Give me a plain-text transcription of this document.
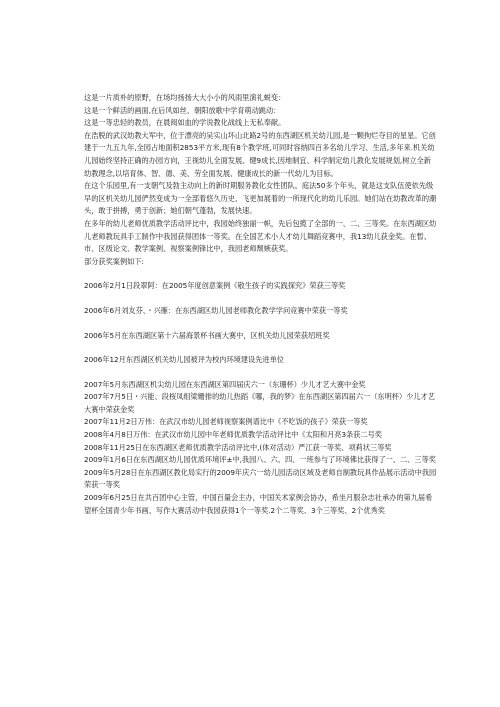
这是一片质朴的原野，在场均扬扬大大小小的风雨里演礼蜕变：

这是一个鲜活的画面,在后风如丝、朝阳放歌中学育萌动跳动：

这是一等忠轻的教员，在晨阅如血的学说教化战线上无私奉献。

在浩脱的武汉幼教大军中，位于漂亮的吴实山坏山北路2号的东西湖区机关幼儿园,是一颗拘烂夺目的星星。它创建于一九五九年,全园占地面积2853平方米,现有8个教学班,可同时容纳四百多名幼儿学习、生活,多年来.机关幼儿园始终坚持正确的办园方向，王视幼儿全面发展、健9成长,因地制宜、科学制定幼儿教化发展规划,树立全新幼教理念,以培育体、智、德、美、劳全面发展、健康成长的新一代幼儿为目标。

在这个乐园里,有一支朝气及勃主动向上的新时期服务教化女性团队。庭法50多个年头，就是这支队伍使依先级早的区机关幼儿园俨然变成为一全部着悠久历史、飞更加展着的一所现代化的幼儿乐园。她们站在幼教改革的潮头，敢于拼搏，勇于创新；她们朝气蓬勃，发展快速。

在多年的幼儿老师优质教学活动评比中，我园始终独丽一帜，先后包揽了全部的一、二、三等奖。在东西湖区幼儿老师教玩具手工制作中我园获得团体一等奖。在全国艺术小人才幼儿舞蹈竞赛中，我13幼儿获金奖。在暂、市、区级论文、教学案例、视察案例锋比中，我园老师颓嫉获奖。

部分获奖案例如下:

2006年2月1日段翠阿：在2005年度创意案例《敬生孩子的实践探究》荣获三等奖

2006年6月刘友芬、・兴雁：在东西湖区幼儿园老师教化教学学问竞赛中荣获一等奖

2006年5月在东西湖区第十六届海景杯书画大赛中，区机关幼儿园荣获绍班奖

2006年12月东西湖区机关幼儿园被评为校内环境建设先进单位

2007年5月东西湖区机尖幼儿园在东西湖区第四届庆六一（东珊杯）少儿才艺大赛中金奖

2007年7月5日・兴能、段桜凤组梁姗排的幼儿热蹈《哪，我的梦》在东西湖区第四届六一（东明杯）少儿才艺大赛中荣获金奖

2007年11月2日万伟：在武汉市幼儿园老师视察案例谱比中《不吃饭的孩子》荣获一等奖

2008年4月8日万伟：在武汉市幼儿园中年老师优质教学活动评比中《太阳和月亮3条获二号奖

2008年11月25日在东西湖区老师优质教学活动评比中,(体对活动）严江获一等奖、项莉状三等奖

2009年1月6日在东西湖区幼儿园优质环境评±中,我园八、六、四、一班参与了环境佛比获得了一、二、三等奖

2009年5月28日在东西湖区教化局实行的2009年庆六一幼儿园活动区域及老师自制教玩具作品展示活动中我园荣获一等奖

2009年6月25日在共百团中心主管，中国百量会主办，中国关术家例会协办，希坐月服杂志社承办的第九届希望杯全国青少年书画、写作大赛活动中我园获得1个一等奖.2个二等奖、3个三等奖、2个优秀奖
